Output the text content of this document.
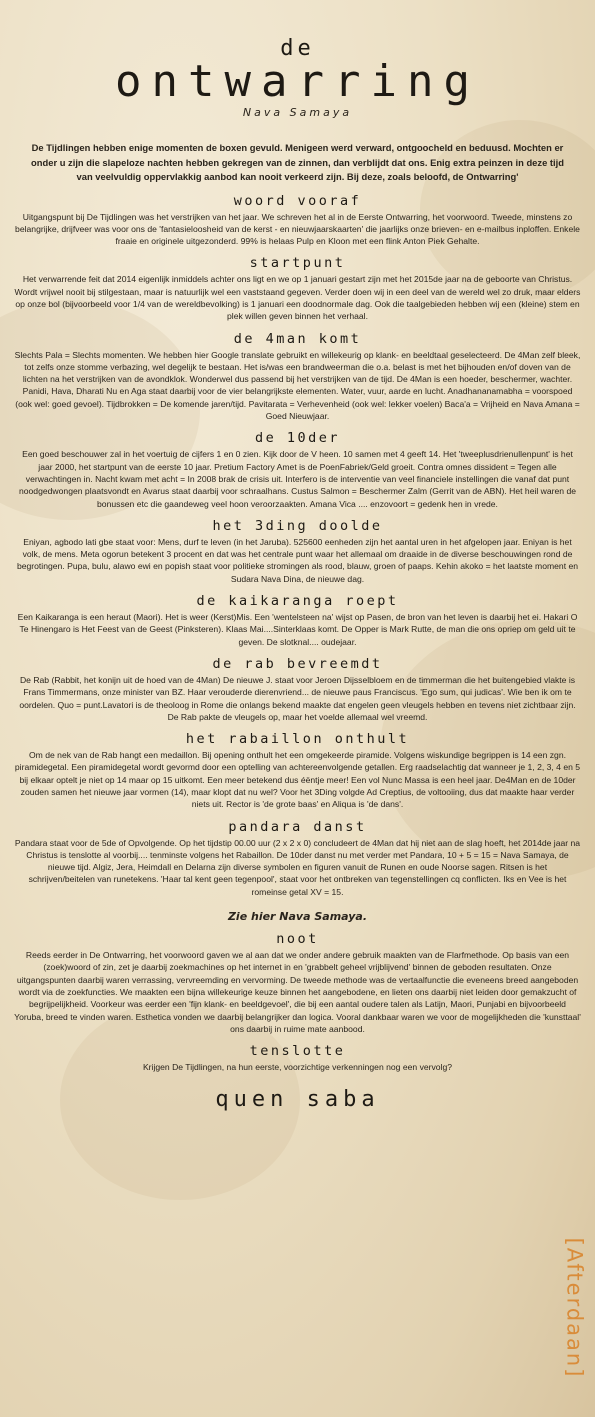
de
ontwarring
Nava Samaya

De Tijdlingen hebben enige momenten de boxen gevuld. Menigeen werd verward, ontgoocheld en beduusd. Mochten er onder u zijn die slapeloze nachten hebben gekregen van de zinnen, dan verblijdt dat ons. Enig extra peinzen in deze tijd van veelvuldig oppervlakkig aanbod kan nooit verkeerd zijn. Bij deze, zoals beloofd, de Ontwarring'

woord vooraf

Uitgangspunt bij De Tijdlingen was het verstrijken van het jaar. We schreven het al in de Eerste Ontwarring, het voorwoord. Tweede, minstens zo belangrijke, drijfveer was voor ons de 'fantasieloosheid van de kerst - en nieuwjaarskaarten' die jaarlijks onze brieven- en e-mailbus inploffen. Enkele fraaie en originele uitgezonderd. 99% is helaas Pulp en Kloon met een flink Anton Piek Gehalte.

startpunt

Het verwarrende feit dat 2014 eigenlijk inmiddels achter ons ligt en we op 1 januari gestart zijn met het 2015de jaar na de geboorte van Christus. Wordt vrijwel nooit bij stilgestaan, maar is natuurlijk wel een vaststaand gegeven. Verder doen wij in een deel van de wereld wel zo druk, maar elders op onze bol (bijvoorbeeld voor 1/4 van de wereldbevolking) is 1 januari een doodnormale dag. Ook die taalgebieden hebben wij een (kleine) stem en plek willen geven binnen het verhaal.

de 4man komt

Slechts Pala = Slechts momenten. We hebben hier Google translate gebruikt en willekeurig op klank- en beeldtaal geselecteerd. De 4Man zelf bleek, tot zelfs onze stomme verbazing, wel degelijk te bestaan. Het is/was een brandweerman die o.a. belast is met het bijhouden en/of doven van de lichten na het verstrijken van de avondklok. Wonderwel dus passend bij het verstrijken van de tijd. De 4Man is een hoeder, beschermer, wachter. Panidi, Hava, Dharati Nu en Aga staat daarbij voor de vier belangrijkste elementen. Water, vuur, aarde en lucht. Anadhananamabha = voorspoed (ook wel: goed gevoel). Tijdbrokken = De komende jaren/tijd. Pavitarata = Verhevenheid (ook wel: lekker voelen) Baca'a = Vrijheid en Nava Amana = Goed Nieuwjaar.

de 10der

Een goed beschouwer zal in het voertuig de cijfers 1 en 0 zien. Kijk door de V heen. 10 samen met 4 geeft 14. Het 'tweeplusdrienullenpunt' is het jaar 2000, het startpunt van de eerste 10 jaar. Pretium Factory Amet is de PoenFabriek/Geld groeit. Contra omnes dissident = Tegen alle verwachtingen in. Nacht kwam met acht = In 2008 brak de crisis uit. Interfero is de interventie van veel financiele instellingen die vanaf dat punt noodgedwongen plaatsvondt en Avarus staat daarbij voor schraalhans. Custus Salmon = Beschermer Zalm (Gerrit van de ABN). Het heil waren de bonussen etc die gaandeweg veel hoon veroorzaakten. Amana Vica .... enzovoort = gedenk hen in vrede.

het 3ding doolde

Eniyan, agbodo lati gbe staat voor: Mens, durf te leven (in het Jaruba). 525600 eenheden zijn het aantal uren in het afgelopen jaar. Eniyan is het volk, de mens. Meta ogorun betekent 3 procent en dat was het centrale punt waar het allemaal om draaide in de diverse beschouwingen rond de begrotingen. Pupa, bulu, alawo ewi en popish staat voor politieke stromingen als rood, blauw, groen of paaps. Kehin akoko = het laatste moment en Sudara Nava Dina, de nieuwe dag.

de kaikaranga roept

Een Kaikaranga is een heraut (Maori). Het is weer (Kerst)Mis. Een 'wentelsteen na' wijst op Pasen, de bron van het leven is daarbij het ei. Hakari O Te Hinengaro is Het Feest van de Geest (Pinksteren). Klaas Mai....Sinterklaas komt. De Opper is Mark Rutte, de man die ons opriep om geld uit te geven. De slotknal.... oudejaar.

de rab bevreemdt

De Rab (Rabbit, het konijn uit de hoed van de 4Man) De nieuwe J. staat voor Jeroen Dijsselbloem en de timmerman die het buitengebied vlakte is Frans Timmermans, onze minister van BZ. Haar verouderde dierenvriend... de nieuwe paus Franciscus. 'Ego sum, qui judicas'. Wie ben ik om te oordelen. Quo = punt.Lavatori is de theoloog in Rome die onlangs bekend maakte dat engelen geen vleugels hebben en tevens niet zichtbaar zijn. De Rab pakte de vleugels op, maar het voelde allemaal wel vreemd.

het rabaillon onthult

Om de nek van de Rab hangt een medaillon. Bij opening onthult het een omgekeerde piramide. Volgens wiskundige begrippen is 14 een zgn. piramidegetal. Een piramidegetal wordt gevormd door een optelling van achtereenvolgende getallen. Erg raadselachtig dat wanneer je 1, 2, 3, 4 en 5 bij elkaar optelt je niet op 14 maar op 15 uitkomt. Een meer betekend dus éëntje meer! Een vol Nunc Massa is een heel jaar. De4Man en de 10der zouden samen het nieuwe jaar vormen (14), maar klopt dat nu wel? Voor het 3Ding volgde Ad Creptius, de voltooiing, dus dat maakte haar verder niets uit. Rector is 'de grote baas' en Aliqua is 'de dans'.

pandara danst

Pandara staat voor de 5de of Opvolgende. Op het tijdstip 00.00 uur (2 x 2 x 0) concludeert de 4Man dat hij niet aan de slag hoeft, het 2014de jaar na Christus is tenslotte al voorbij.... tenminste volgens het Rabaillon. De 10der danst nu met verder met Pandara, 10 + 5 = 15 = Nava Samaya, de nieuwe tijd. Algiz, Jera, Heimdall en Delarna zijn diverse symbolen en figuren vanuit de Runen en oude Noorse sagen. Ritsen is het schrijven/beitelen van runetekens. 'Haar tal kent geen tegenpool', staat voor het ontbreken van tegenstellingen cq conflicten. Iks en Vee is het romeinse getal XV = 15.

Zie hier Nava Samaya.
noot

Reeds eerder in De Ontwarring, het voorwoord gaven we al aan dat we onder andere gebruik maakten van de Flarfmethode. Op basis van een (zoek)woord of zin, zet je daarbij zoekmachines op het internet in en 'grabbelt geheel vrijblijvend' binnen de geboden resultaten. Onze uitgangspunten daarbij waren verrassing, vervreemding en vervorming. De tweede methode was de vertaalfunctie die eveneens breed aangeboden wordt via de zoekfuncties. We maakten een bijna willekeurige keuze binnen het aangebodene, en lieten ons daarbij niet leiden door gemakzucht of begrijpelijkheid. Voorkeur was eerder een 'fijn klank- en beeldgevoel', die bij een aantal oudere talen als Latijn, Maori, Punjabi en bijvoorbeeld Yoruba, breed te vinden waren. Esthetica vonden we daarbij belangrijker dan logica. Vooral dankbaar waren we voor de mogelijkheden die 'kunsttaal' ons daarbij in ruime mate aanbood.

tenslotte

Krijgen De Tijdlingen, na hun eerste, voorzichtige verkenningen nog een vervolg?

quen saba
[Afterdaan]
